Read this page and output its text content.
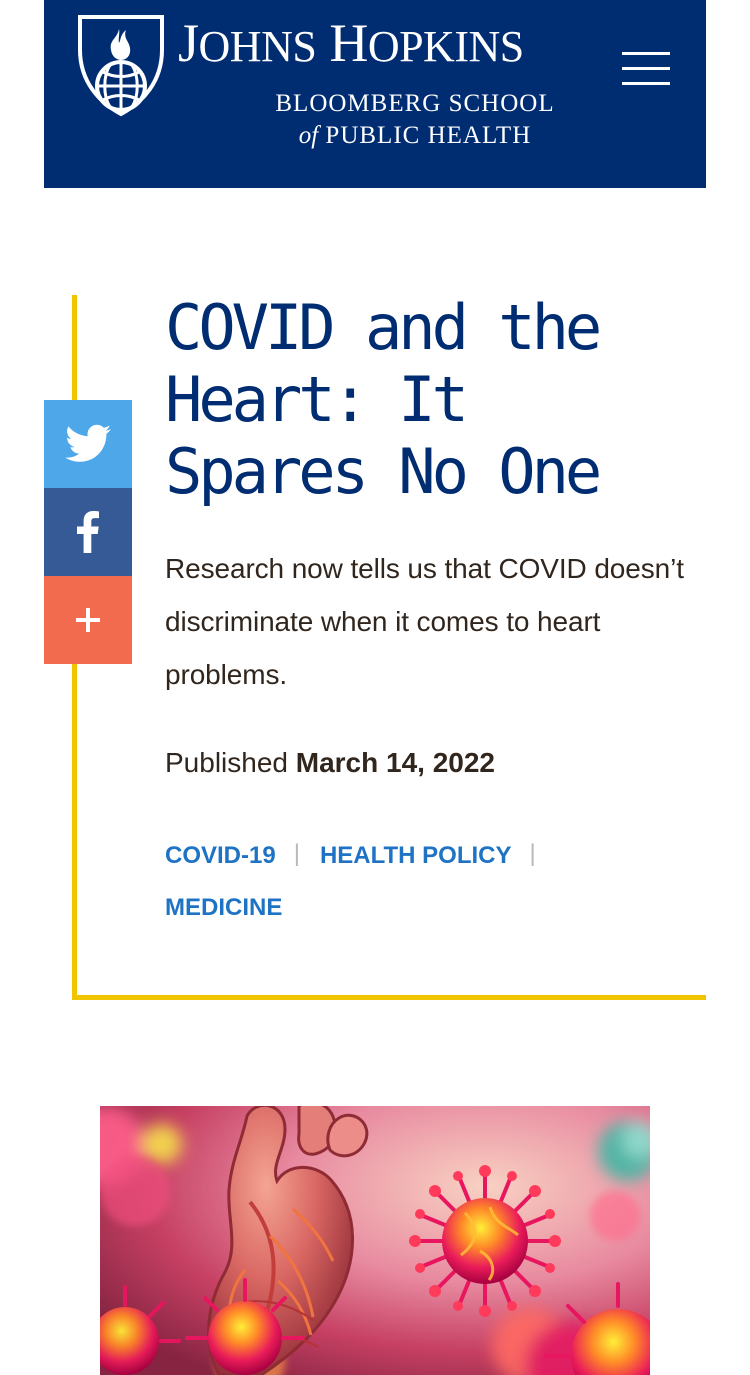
JOHNS HOPKINS
BLOOMBERG SCHOOL
of PUBLIC HEALTH
COVID and the Heart: It Spares No One

Research now tells us that COVID doesn’t discriminate when it comes to heart problems.

Published March 14, 2022
COVID-19 | HEALTH POLICY |
MEDICINE
